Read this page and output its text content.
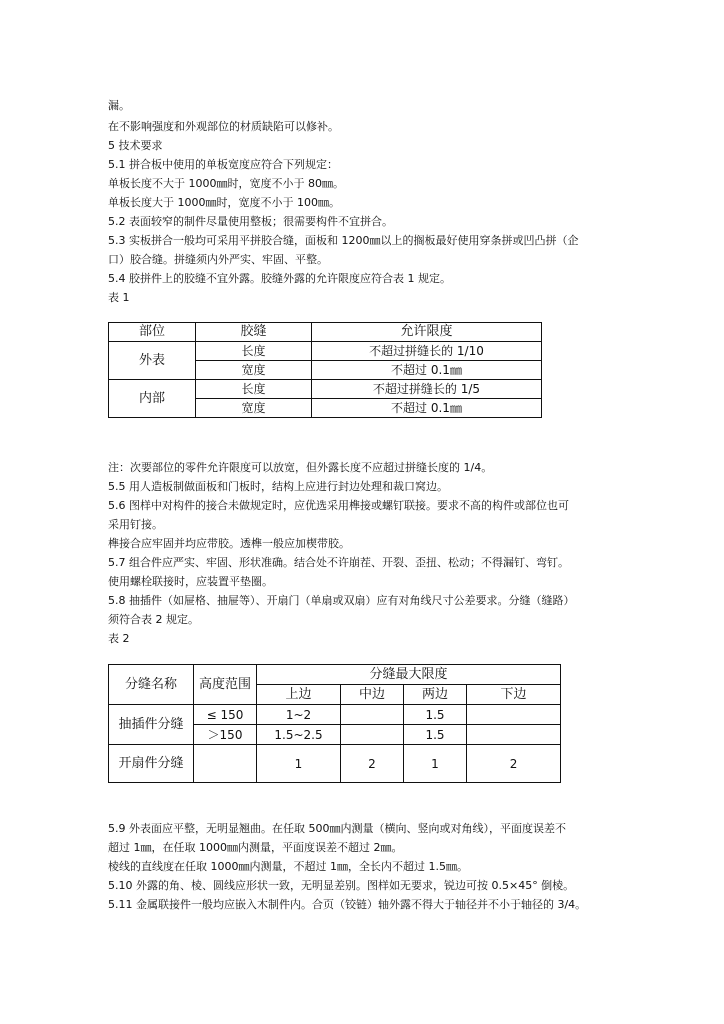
漏。

在不影响强度和外观部位的材质缺陷可以修补。

5 技术要求

5.1 拼合板中使用的单板宽度应符合下列规定：

单板长度不大于 1000㎜时，宽度不小于 80㎜。

单板长度大于 1000㎜时，宽度不小于 100㎜。

5.2 表面较窄的制件尽量使用整板；很需要构件不宜拼合。

5.3 实板拼合一般均可采用平拼胶合缝，面板和 1200㎜以上的搁板最好使用穿条拼或凹凸拼（企

口）胶合缝。拼缝须内外严实、牢固、平整。

5.4 胶拼件上的胶缝不宜外露。胶缝外露的允许限度应符合表 1 规定。

表 1

部位	胶缝	允许限度
外表	长度	不超过拼缝长的 1/10
	宽度	不超过 0.1㎜
内部	长度	不超过拼缝长的 1/5
	宽度	不超过 0.1㎜

注：次要部位的零件允许限度可以放宽，但外露长度不应超过拼缝长度的 1/4。

5.5 用人造板制做面板和门板时，结构上应进行封边处理和裁口窝边。

5.6 图样中对构件的接合未做规定时，应优选采用榫接或螺钉联接。要求不高的构件或部位也可

采用钉接。

榫接合应牢固并均应带胶。透榫一般应加楔带胶。

5.7 组合件应严实、牢固、形状准确。结合处不许崩茬、开裂、歪扭、松动；不得漏钉、弯钉。

使用螺栓联接时，应装置平垫圈。

5.8 抽插件（如屉格、抽屉等）、开扇门（单扇或双扇）应有对角线尺寸公差要求。分缝（缝路）

须符合表 2 规定。

表 2

分缝名称	高度范围	分缝最大限度			
		上边	中边	两边	下边
抽插件分缝	≤ 150	1~2		1.5	
	＞150	1.5~2.5		1.5	
开扇件分缝		1	2	1	2

5.9 外表面应平整，无明显翘曲。在任取 500㎜内测量（横向、竖向或对角线），平面度误差不

超过 1㎜，在任取 1000㎜内测量，平面度误差不超过 2㎜。

棱线的直线度在任取 1000㎜内测量，不超过 1㎜，全长内不超过 1.5㎜。

5.10 外露的角、棱、圆线应形状一致，无明显差别。图样如无要求，锐边可按 0.5×45° 倒棱。

5.11 金属联接件一般均应嵌入木制件内。合页（铰链）轴外露不得大于轴径并不小于轴径的 3/4。
